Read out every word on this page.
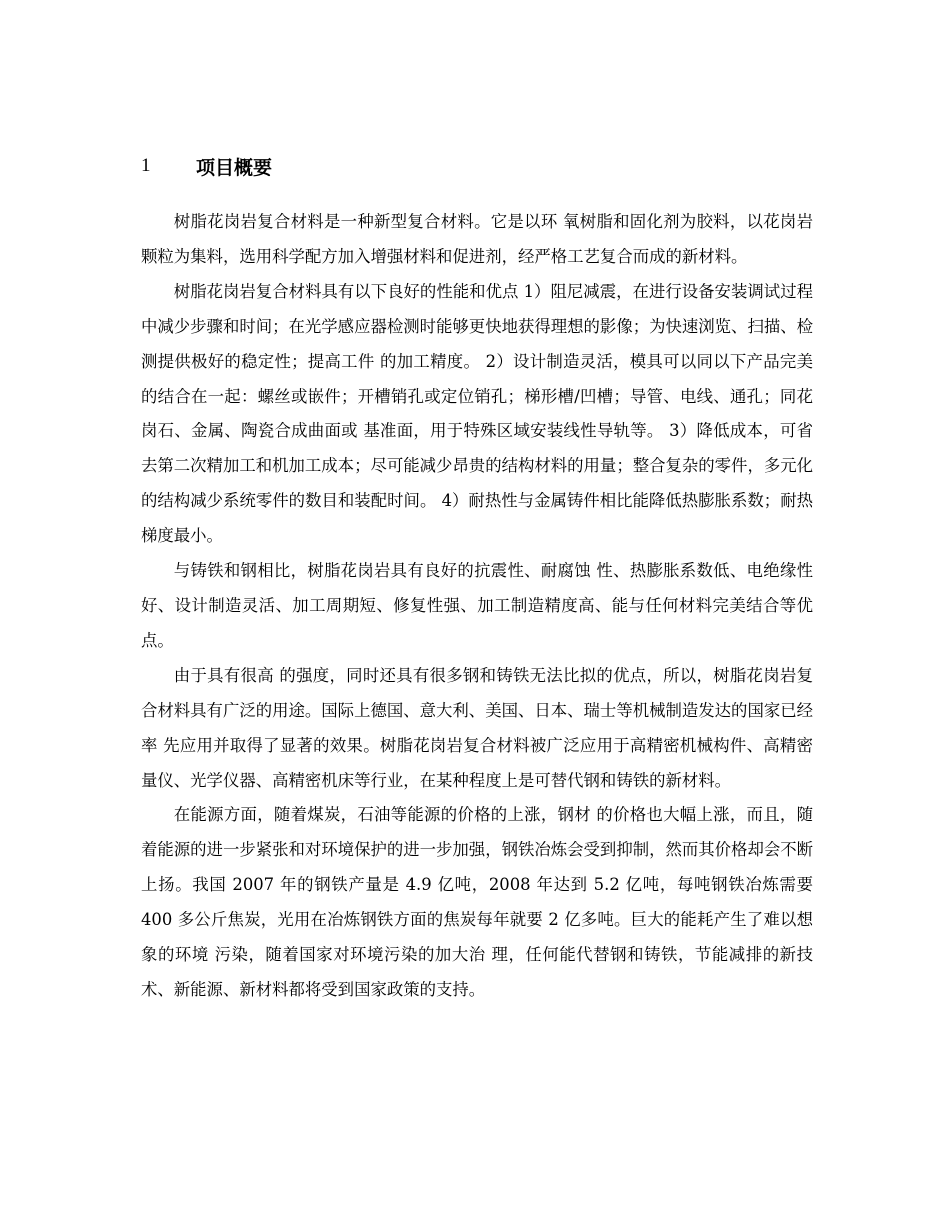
1	项目概要

树脂花岗岩复合材料是一种新型复合材料。它是以环 氧树脂和固化剂为胶料，以花岗岩颗粒为集料，选用科学配方加入增强材料和促进剂，经严格工艺复合而成的新材料。

树脂花岗岩复合材料具有以下良好的性能和优点 1）阻尼减震，在进行设备安装调试过程中减少步骤和时间；在光学感应器检测时能够更快地获得理想的影像；为快速浏览、扫描、检测提供极好的稳定性；提高工件 的加工精度。 2）设计制造灵活，模具可以同以下产品完美的结合在一起：螺丝或嵌件；开槽销孔或定位销孔；梯形槽/凹槽；导管、电线、通孔；同花岗石、金属、陶瓷合成曲面或 基准面，用于特殊区域安装线性导轨等。 3）降低成本，可省去第二次精加工和机加工成本；尽可能减少昂贵的结构材料的用量；整合复杂的零件，多元化的结构减少系统零件的数目和装配时间。 4）耐热性与金属铸件相比能降低热膨胀系数；耐热梯度最小。

与铸铁和钢相比，树脂花岗岩具有良好的抗震性、耐腐蚀 性、热膨胀系数低、电绝缘性好、设计制造灵活、加工周期短、修复性强、加工制造精度高、能与任何材料完美结合等优点。

由于具有很高 的强度，同时还具有很多钢和铸铁无法比拟的优点，所以，树脂花岗岩复合材料具有广泛的用途。国际上德国、意大利、美国、日本、瑞士等机械制造发达的国家已经率 先应用并取得了显著的效果。树脂花岗岩复合材料被广泛应用于高精密机械构件、高精密量仪、光学仪器、高精密机床等行业，在某种程度上是可替代钢和铸铁的新材料。

在能源方面，随着煤炭，石油等能源的价格的上涨，钢材 的价格也大幅上涨，而且，随着能源的进一步紧张和对环境保护的进一步加强，钢铁冶炼会受到抑制，然而其价格却会不断上扬。我国 2007 年的钢铁产量是 4.9 亿吨，2008 年达到 5.2 亿吨，每吨钢铁冶炼需要 400 多公斤焦炭，光用在冶炼钢铁方面的焦炭每年就要 2 亿多吨。巨大的能耗产生了难以想象的环境 污染，随着国家对环境污染的加大治 理，任何能代替钢和铸铁，节能减排的新技术、新能源、新材料都将受到国家政策的支持。
